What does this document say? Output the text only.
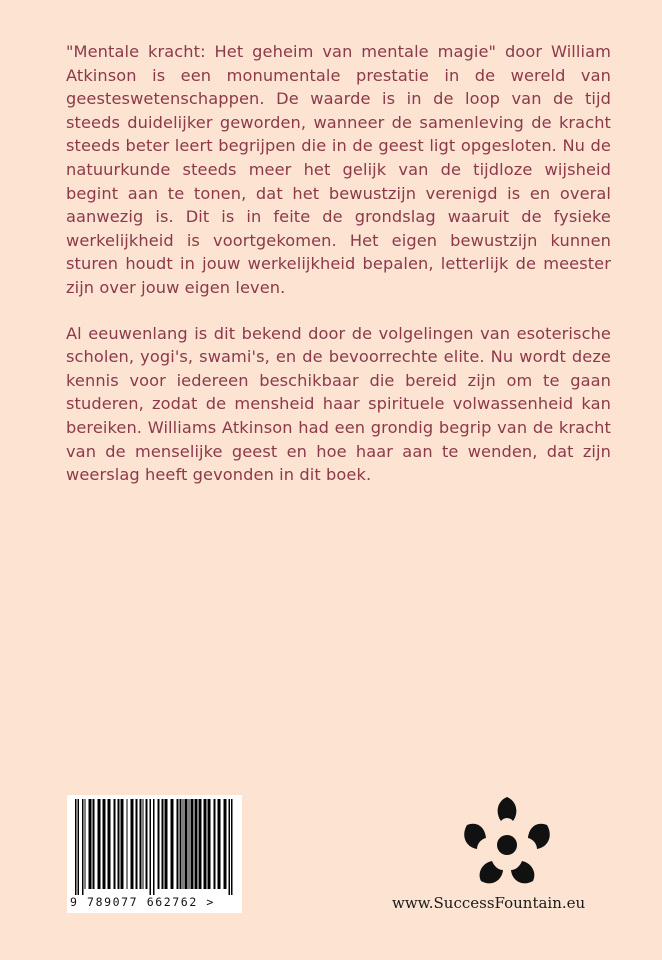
"Mentale kracht: Het geheim van mentale magie" door William Atkinson is een monumentale prestatie in de wereld van geesteswetenschappen. De waarde is in de loop van de tijd steeds duidelijker geworden, wanneer de samenleving de kracht steeds beter leert begrijpen die in de geest ligt opgesloten. Nu de natuurkunde steeds meer het gelijk van de tijdloze wijsheid begint aan te tonen, dat het bewustzijn verenigd is en overal aanwezig is. Dit is in feite de grondslag waaruit de fysieke werkelijkheid is voortgekomen. Het eigen bewustzijn kunnen sturen houdt in jouw werkelijkheid bepalen, letterlijk de meester zijn over jouw eigen leven.

Al eeuwenlang is dit bekend door de volgelingen van esoterische scholen, yogi's, swami's, en de bevoorrechte elite. Nu wordt deze kennis voor iedereen beschikbaar die bereid zijn om te gaan studeren, zodat de mensheid haar spirituele volwassenheid kan bereiken. Williams Atkinson had een grondig begrip van de kracht van de menselijke geest en hoe haar aan te wenden, dat zijn weerslag heeft gevonden in dit boek.

9 789077 662762 >	www.SuccessFountain.eu
